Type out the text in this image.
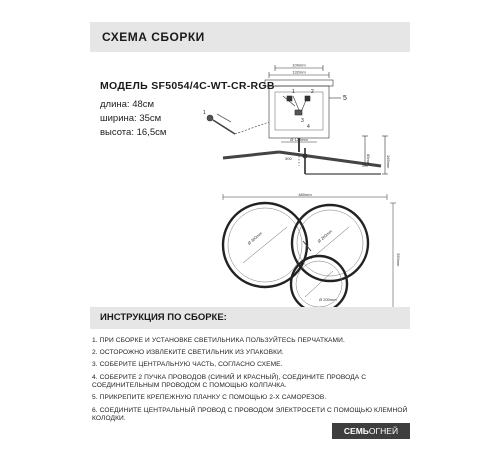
СХЕМА СБОРКИ
МОДЕЛЬ SF5054/4C-WT-CR-RGB
длина: 48см
ширина: 35см
высота: 16,5см
100mm
132mm
Ø 120mm
300	85mm	165mm
5
1	2
3
4
1
480mm
350mm
Ø 300mm	Ø 260mm
Ø 200mm
ИНСТРУКЦИЯ ПО СБОРКЕ:
1. ПРИ СБОРКЕ И УСТАНОВКЕ СВЕТИЛЬНИКА ПОЛЬЗУЙТЕСЬ ПЕРЧАТКАМИ.
2. ОСТОРОЖНО ИЗВЛЕКИТЕ СВЕТИЛЬНИК ИЗ УПАКОВКИ.
3. СОБЕРИТЕ ЦЕНТРАЛЬНУЮ ЧАСТЬ, СОГЛАСНО СХЕМЕ.
4. СОБЕРИТЕ 2 ПУЧКА ПРОВОДОВ (СИНИЙ И КРАСНЫЙ), СОЕДИНИТЕ ПРОВОДА С СОЕДИНИТЕЛЬНЫМ ПРОВОДОМ С ПОМОЩЬЮ КОЛПАЧКА.
5. ПРИКРЕПИТЕ КРЕПЕЖНУЮ ПЛАНКУ С ПОМОЩЬЮ 2-Х САМОРЕЗОВ.
6. СОЕДИНИТЕ ЦЕНТРАЛЬНЫЙ ПРОВОД С ПРОВОДОМ ЭЛЕКТРОСЕТИ С ПОМОЩЬЮ КЛЕМНОЙ КОЛОДКИ.
СЕМЬОГНЕЙ
